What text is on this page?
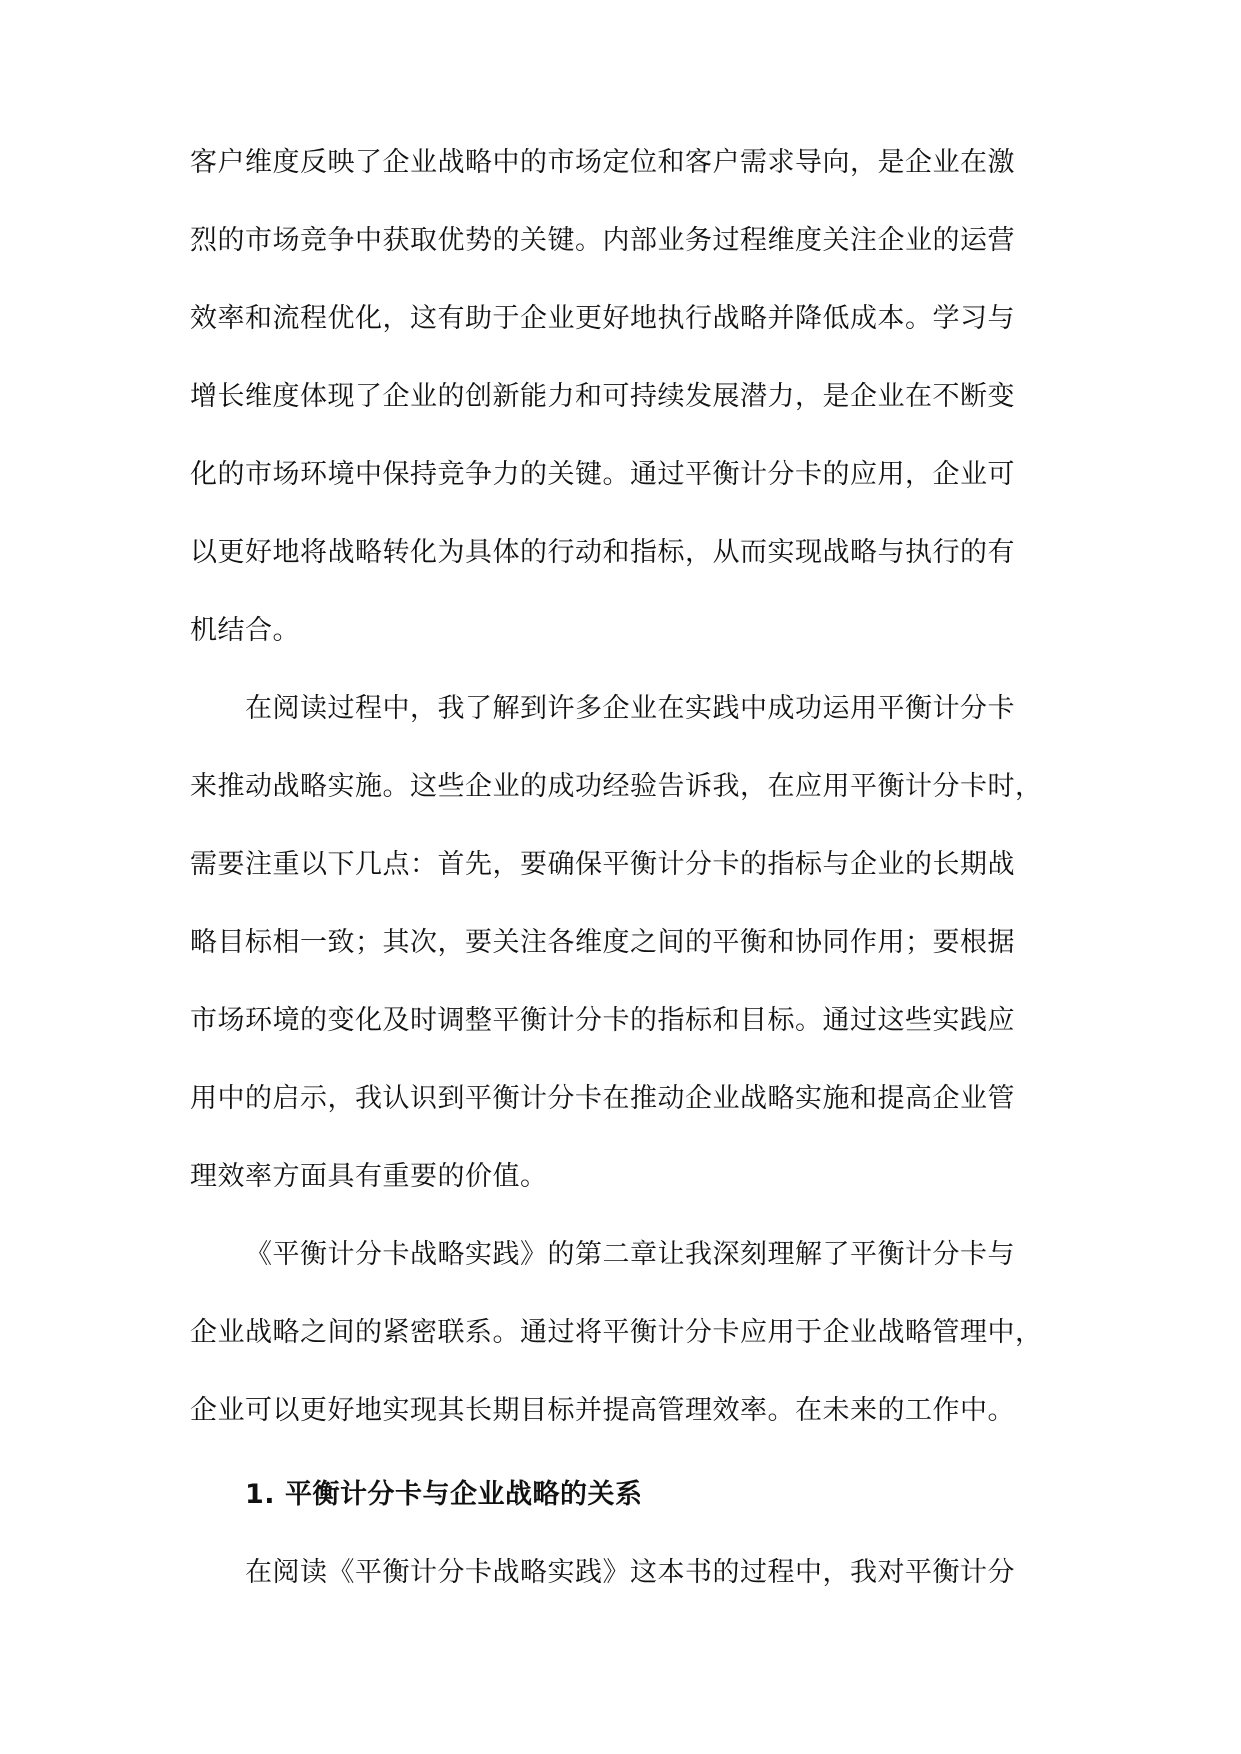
客户维度反映了企业战略中的市场定位和客户需求导向，是企业在激
烈的市场竞争中获取优势的关键。内部业务过程维度关注企业的运营
效率和流程优化，这有助于企业更好地执行战略并降低成本。学习与
增长维度体现了企业的创新能力和可持续发展潜力，是企业在不断变
化的市场环境中保持竞争力的关键。通过平衡计分卡的应用，企业可
以更好地将战略转化为具体的行动和指标，从而实现战略与执行的有
机结合。
在阅读过程中，我了解到许多企业在实践中成功运用平衡计分卡
来推动战略实施。这些企业的成功经验告诉我，在应用平衡计分卡时，
需要注重以下几点：首先，要确保平衡计分卡的指标与企业的长期战
略目标相一致；其次，要关注各维度之间的平衡和协同作用；要根据
市场环境的变化及时调整平衡计分卡的指标和目标。通过这些实践应
用中的启示，我认识到平衡计分卡在推动企业战略实施和提高企业管
理效率方面具有重要的价值。
《平衡计分卡战略实践》的第二章让我深刻理解了平衡计分卡与
企业战略之间的紧密联系。通过将平衡计分卡应用于企业战略管理中，
企业可以更好地实现其长期目标并提高管理效率。在未来的工作中。
1. 平衡计分卡与企业战略的关系
在阅读《平衡计分卡战略实践》这本书的过程中，我对平衡计分
